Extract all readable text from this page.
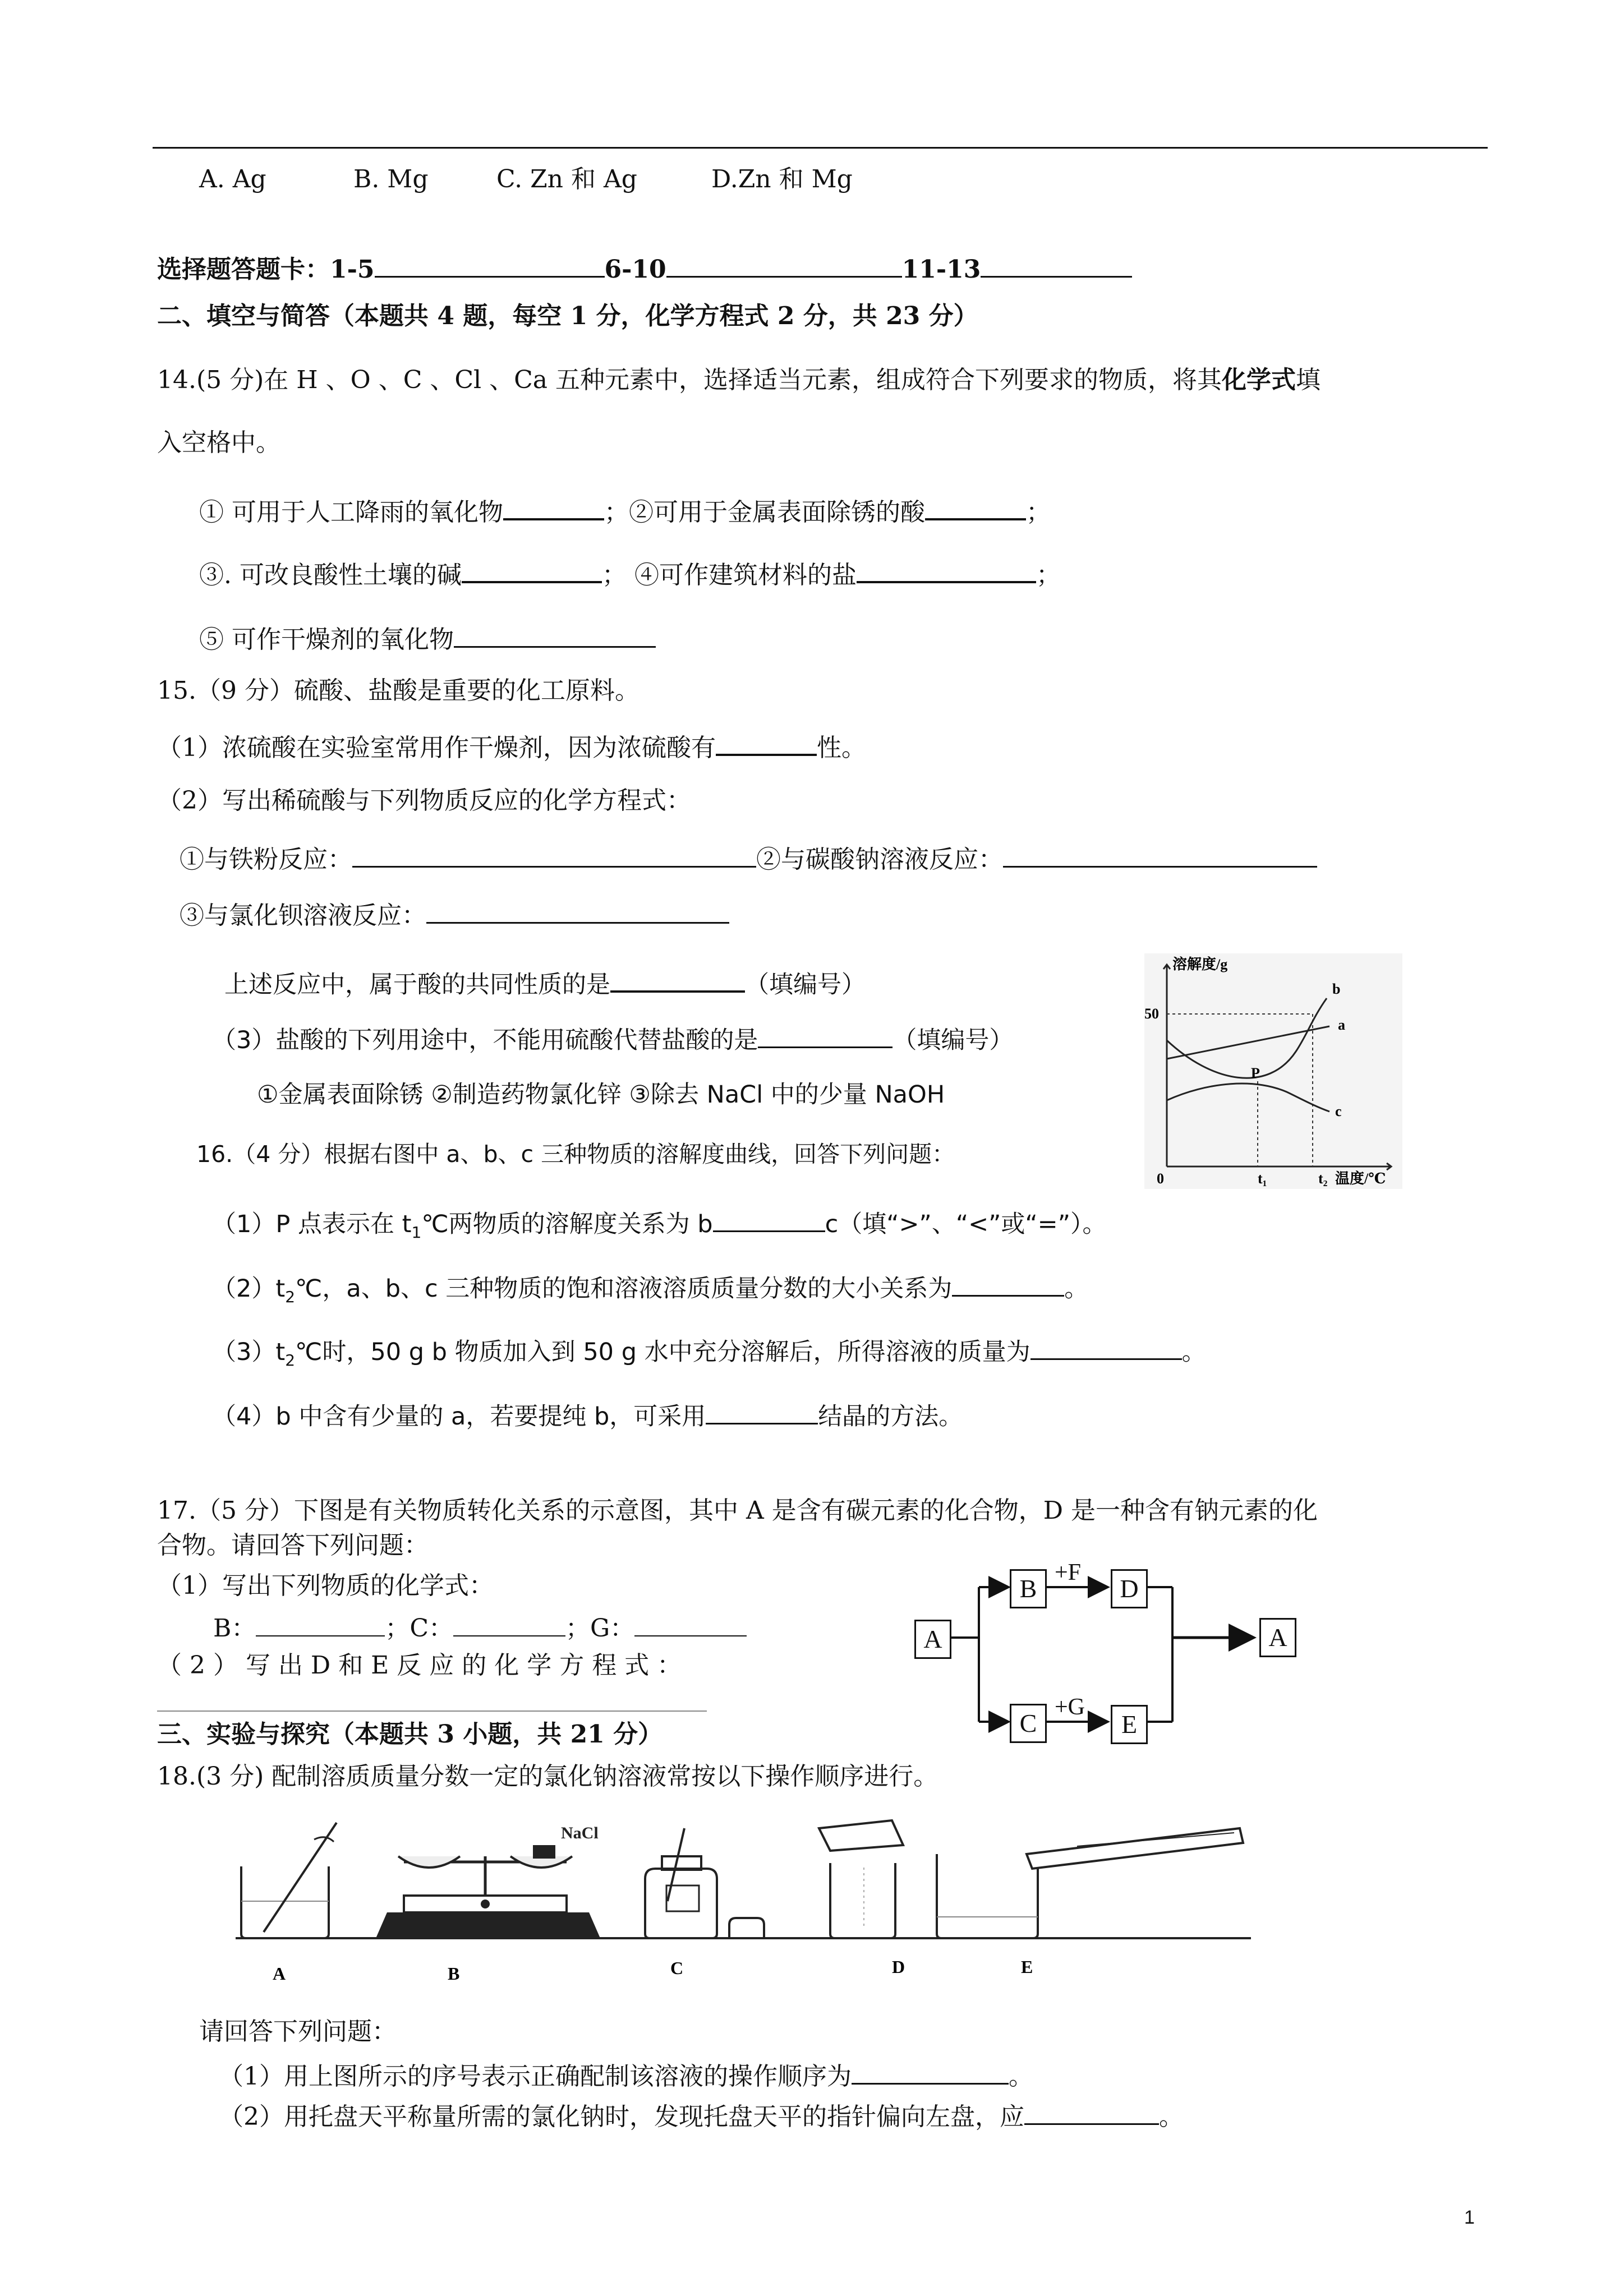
A. Ag	B. Mg	C. Zn 和 Ag	D.Zn 和 Mg
选择题答题卡：1-5	6-10	11-13
二、填空与简答（本题共 4 题，每空 1 分，化学方程式 2 分，共 23 分）
14.(5 分)在 H 、O 、C 、Cl 、Ca 五种元素中，选择适当元素，组成符合下列要求的物质，将其化学式填
入空格中。
① 可用于人工降雨的氧化物	；②可用于金属表面除锈的酸	；
③. 可改良酸性土壤的碱	； ④可作建筑材料的盐	；
⑤ 可作干燥剂的氧化物
15.（9 分）硫酸、盐酸是重要的化工原料。
（1）浓硫酸在实验室常用作干燥剂，因为浓硫酸有	性。
（2）写出稀硫酸与下列物质反应的化学方程式：
①与铁粉反应：	②与碳酸钠溶液反应：
③与氯化钡溶液反应：
上述反应中，属于酸的共同性质的是	（填编号）
（3）盐酸的下列用途中，不能用硫酸代替盐酸的是	（填编号）
①金属表面除锈 ②制造药物氯化锌 ③除去 NaCl 中的少量 NaOH
16.（4 分）根据右图中 a、b、c 三种物质的溶解度曲线，回答下列问题：
（1）P 点表示在 $t_1℃$两物质的溶解度关系为 b	c（填“>”、“<”或“=”）。
$(2)t_2℃$，a、b、c 三种物质的饱和溶液溶质质量分数的大小关系为	。
$(3)t_2℃$时，50 g b 物质加入到 50 g 水中充分溶解后，所得溶液的质量为	。
（4）b 中含有少量的 a，若要提纯 b，可采用	结晶的方法。
溶解度/g
50
0	t₁	t₂ 温度/℃
a
b
c
P
17.（5 分）下图是有关物质转化关系的示意图，其中 A 是含有碳元素的化合物，D 是一种含有钠元素的化
合物。请回答下列问题：
（1）写出下列物质的化学式：
B：	；C：	；G：
（ 2 ） 写 出 D 和 E 反 应 的 化 学 方 程 式 ：
A
B
C
D
E
A
+F
+G
三、实验与探究（本题共 3 小题，共 21 分）
18.(3 分) 配制溶质质量分数一定的氯化钠溶液常按以下操作顺序进行。
NaCl
A	B	C	D	E
请回答下列问题：
（1）用上图所示的序号表示正确配制该溶液的操作顺序为	。
（2）用托盘天平称量所需的氯化钠时，发现托盘天平的指针偏向左盘，应	。
1
